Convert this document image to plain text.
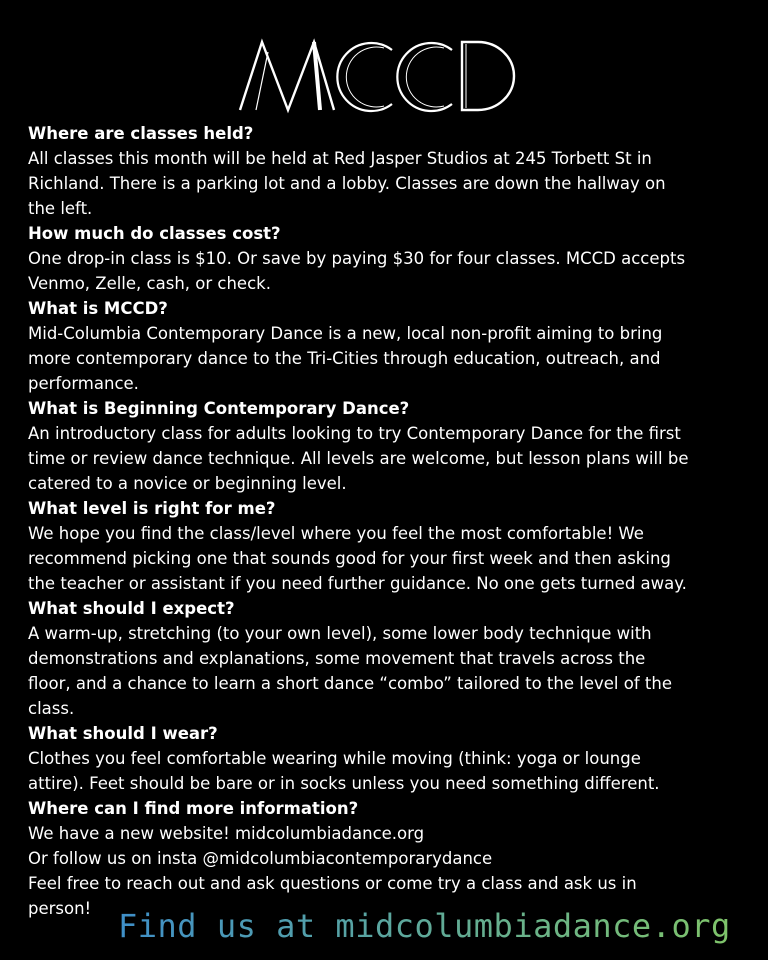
Where are classes held?

All classes this month will be held at Red Jasper Studios at 245 Torbett St in

Richland. There is a parking lot and a lobby. Classes are down the hallway on

the left.

How much do classes cost?

One drop-in class is $10. Or save by paying $30 for four classes. MCCD accepts

Venmo, Zelle, cash, or check.

What is MCCD?

Mid-Columbia Contemporary Dance is a new, local non-profit aiming to bring

more contemporary dance to the Tri-Cities through education, outreach, and

performance.

What is Beginning Contemporary Dance?

An introductory class for adults looking to try Contemporary Dance for the first

time or review dance technique. All levels are welcome, but lesson plans will be

catered to a novice or beginning level.

What level is right for me?

We hope you find the class/level where you feel the most comfortable! We

recommend picking one that sounds good for your first week and then asking

the teacher or assistant if you need further guidance. No one gets turned away.

What should I expect?

A warm-up, stretching (to your own level), some lower body technique with

demonstrations and explanations, some movement that travels across the

floor, and a chance to learn a short dance “combo” tailored to the level of the

class.

What should I wear?

Clothes you feel comfortable wearing while moving (think: yoga or lounge

attire). Feet should be bare or in socks unless you need something different.

Where can I find more information?

We have a new website! midcolumbiadance.org

Or follow us on insta @midcolumbiacontemporarydance

Feel free to reach out and ask questions or come try a class and ask us in

person! Find us at midcolumbiadance.org
